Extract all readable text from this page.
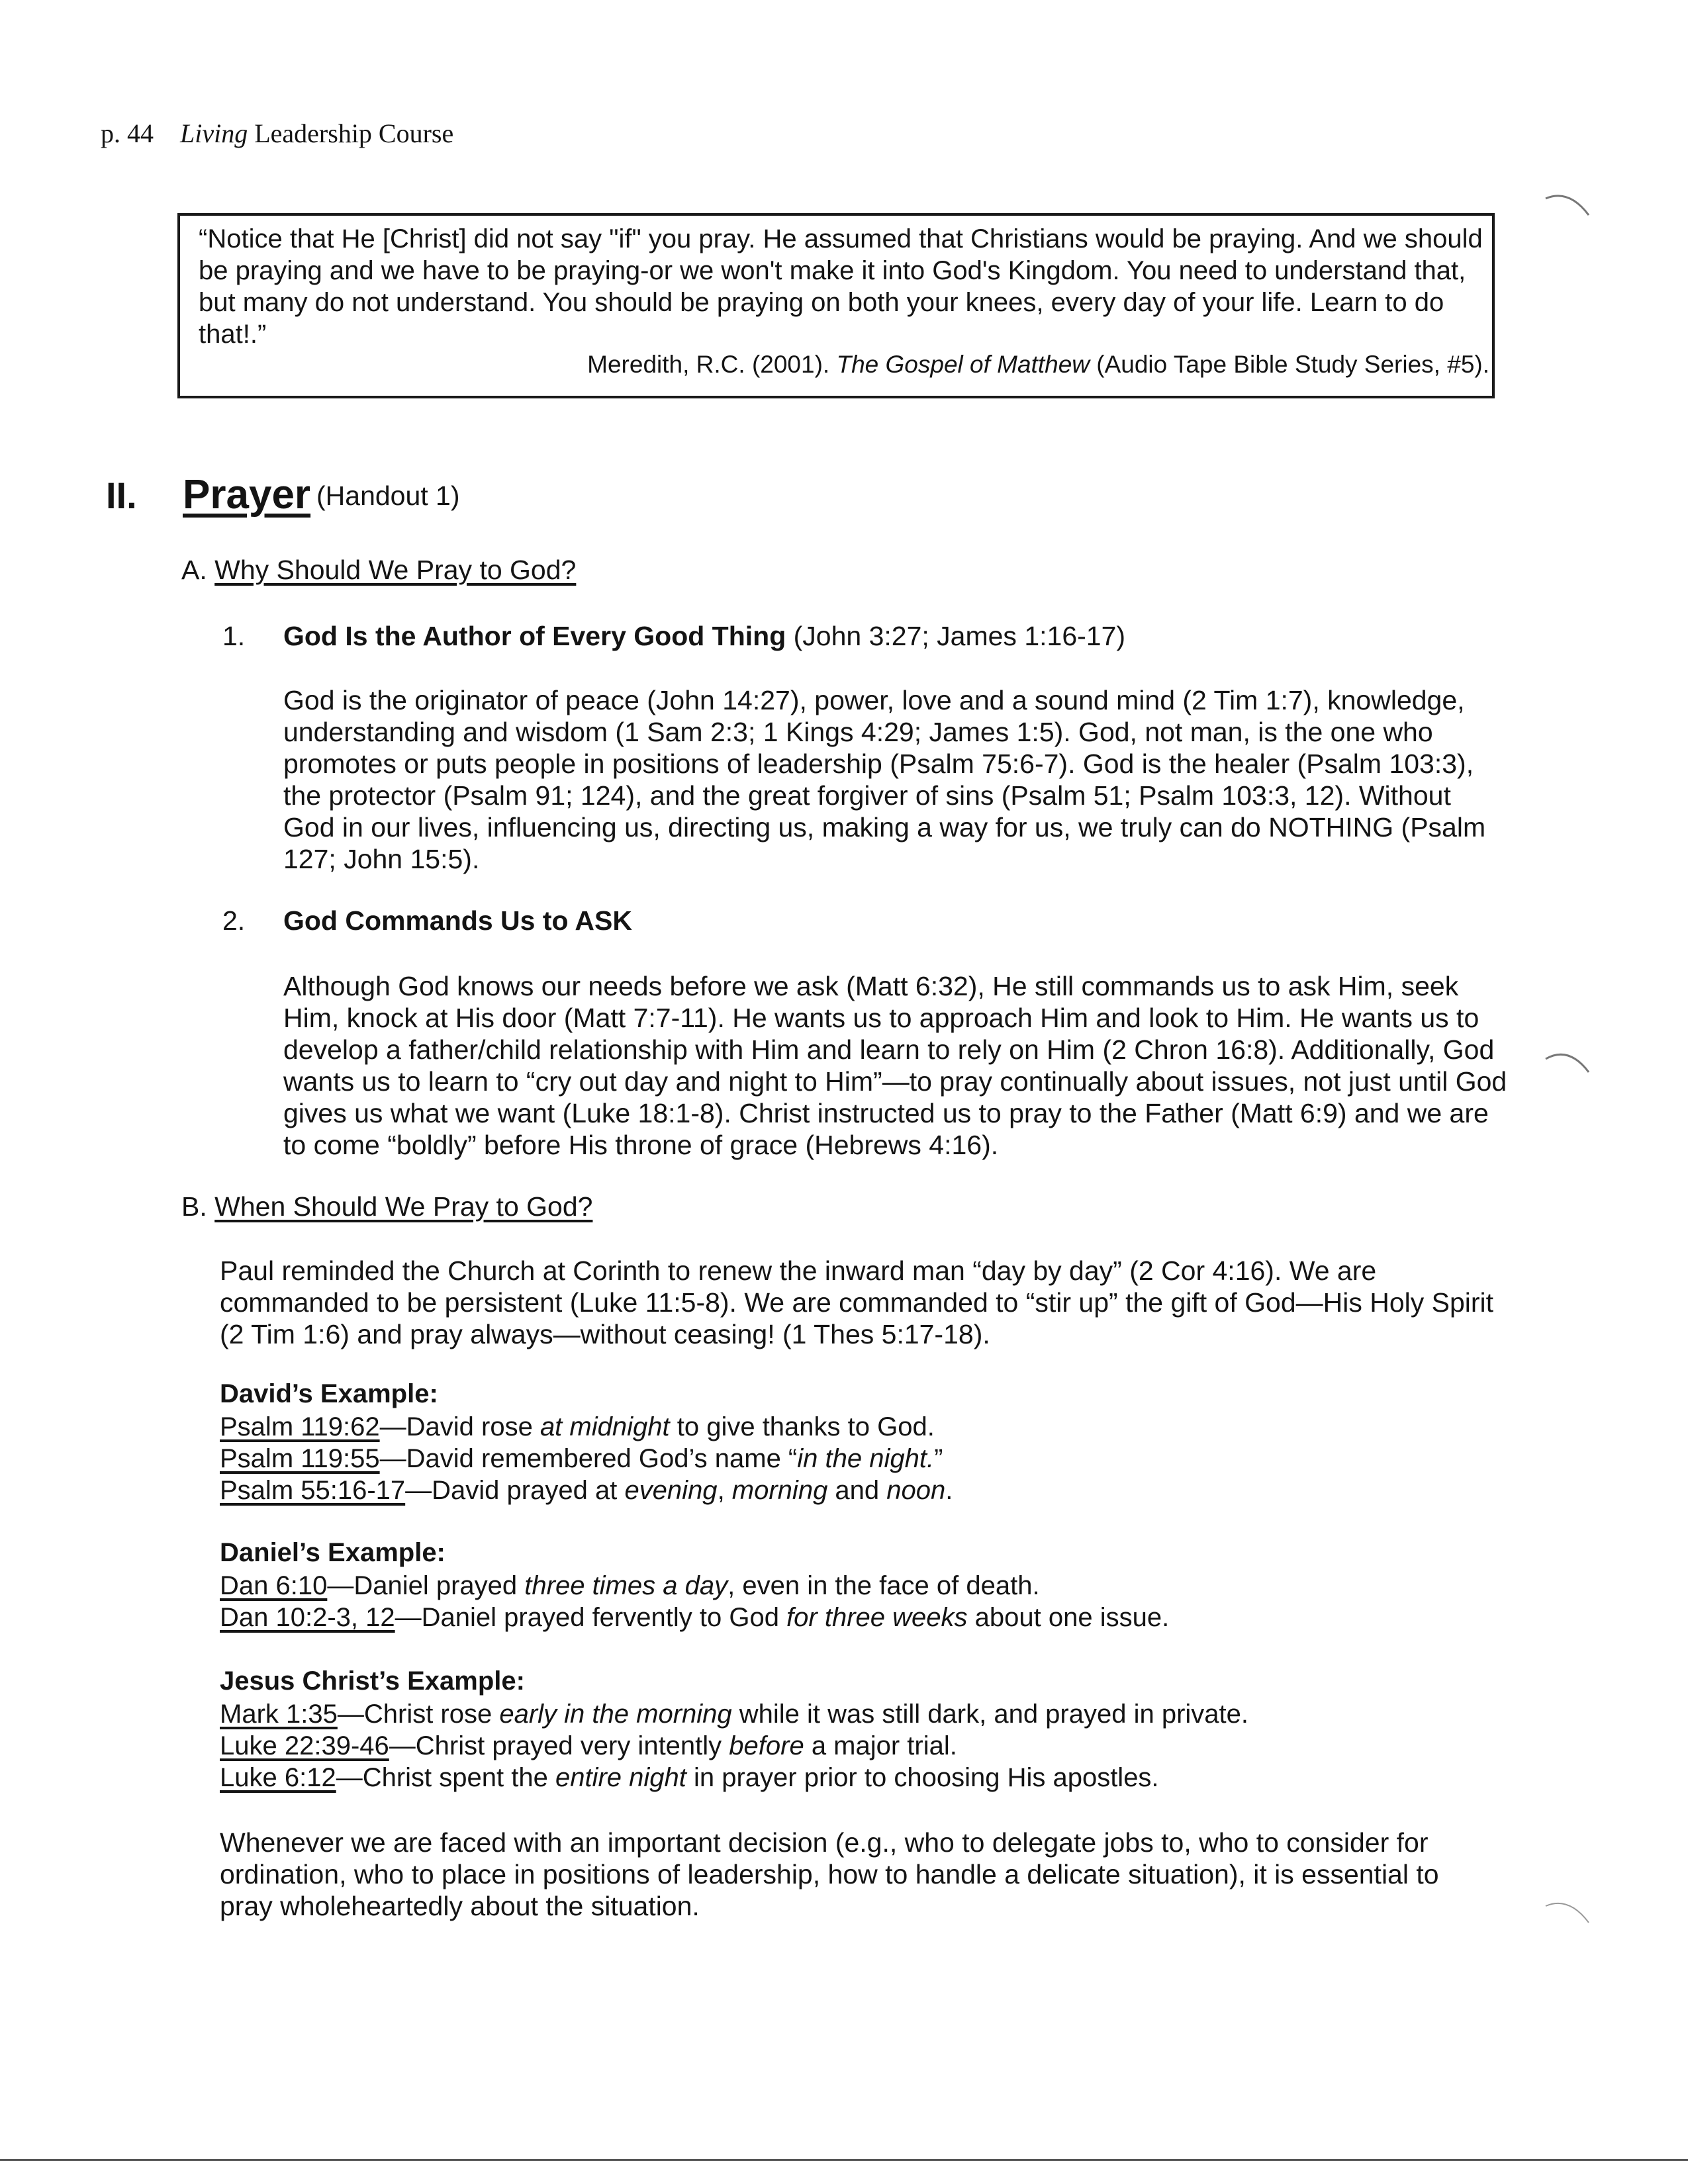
p. 44 Living Leadership Course
“Notice that He [Christ] did not say "if" you pray. He assumed that Christians would be praying. And we should be praying and we have to be praying-or we won't make it into God's Kingdom. You need to understand that, but many do not understand. You should be praying on both your knees, every day of your life. Learn to do that!.”
Meredith, R.C. (2001). The Gospel of Matthew (Audio Tape Bible Study Series, #5).
II. Prayer (Handout 1)
A. Why Should We Pray to God?
1. God Is the Author of Every Good Thing (John 3:27; James 1:16-17)
God is the originator of peace (John 14:27), power, love and a sound mind (2 Tim 1:7), knowledge, understanding and wisdom (1 Sam 2:3; 1 Kings 4:29; James 1:5). God, not man, is the one who promotes or puts people in positions of leadership (Psalm 75:6-7). God is the healer (Psalm 103:3), the protector (Psalm 91; 124), and the great forgiver of sins (Psalm 51; Psalm 103:3, 12). Without God in our lives, influencing us, directing us, making a way for us, we truly can do NOTHING (Psalm 127; John 15:5).
2. God Commands Us to ASK
Although God knows our needs before we ask (Matt 6:32), He still commands us to ask Him, seek Him, knock at His door (Matt 7:7-11). He wants us to approach Him and look to Him. He wants us to develop a father/child relationship with Him and learn to rely on Him (2 Chron 16:8). Additionally, God wants us to learn to “cry out day and night to Him”—to pray continually about issues, not just until God gives us what we want (Luke 18:1-8). Christ instructed us to pray to the Father (Matt 6:9) and we are to come “boldly” before His throne of grace (Hebrews 4:16).
B. When Should We Pray to God?
Paul reminded the Church at Corinth to renew the inward man “day by day” (2 Cor 4:16). We are commanded to be persistent (Luke 11:5-8). We are commanded to “stir up” the gift of God—His Holy Spirit (2 Tim 1:6) and pray always—without ceasing! (1 Thes 5:17-18).
David’s Example:
Psalm 119:62—David rose at midnight to give thanks to God.
Psalm 119:55—David remembered God’s name “in the night.”
Psalm 55:16-17—David prayed at evening, morning and noon.
Daniel’s Example:
Dan 6:10—Daniel prayed three times a day, even in the face of death.
Dan 10:2-3, 12—Daniel prayed fervently to God for three weeks about one issue.
Jesus Christ’s Example:
Mark 1:35—Christ rose early in the morning while it was still dark, and prayed in private.
Luke 22:39-46—Christ prayed very intently before a major trial.
Luke 6:12—Christ spent the entire night in prayer prior to choosing His apostles.
Whenever we are faced with an important decision (e.g., who to delegate jobs to, who to consider for ordination, who to place in positions of leadership, how to handle a delicate situation), it is essential to pray wholeheartedly about the situation.
